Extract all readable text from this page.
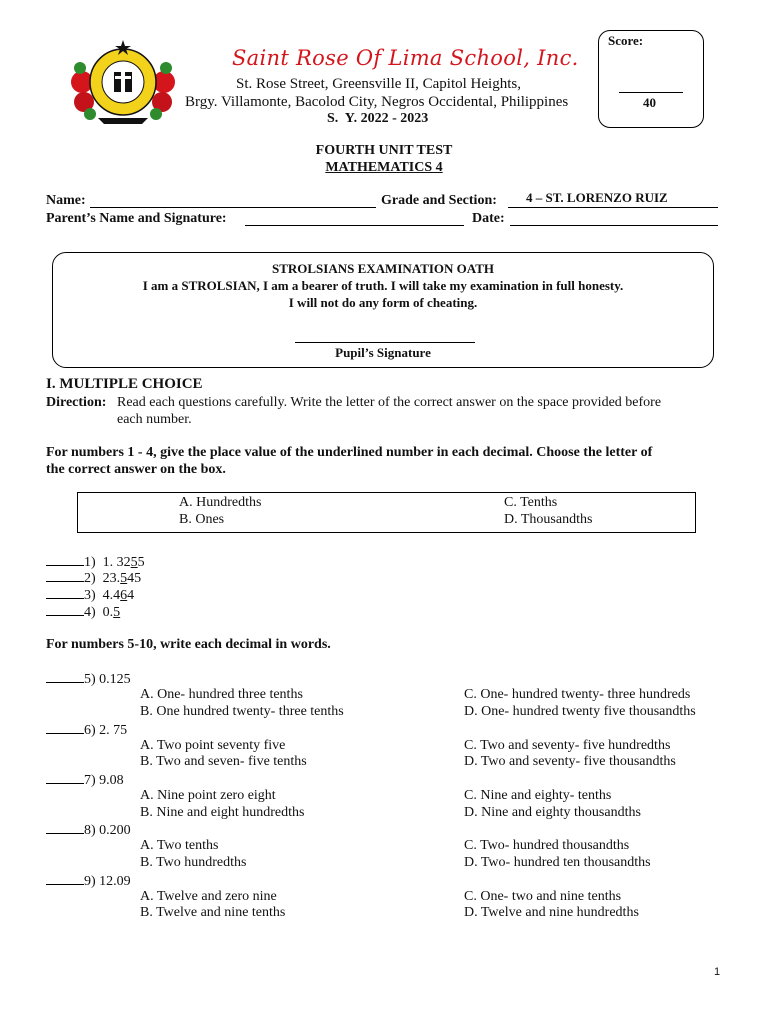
Saint Rose Of Lima School, Inc.
St. Rose Street, Greensville II, Capitol Heights,
Brgy. Villamonte, Bacolod City, Negros Occidental, Philippines
S.  Y. 2022 - 2023
Score:
40
FOURTH UNIT TEST
MATHEMATICS 4
Name:	Grade and Section: 4 – ST. LORENZO RUIZ
Parent’s Name and Signature:	Date:
STROLSIANS EXAMINATION OATH
I am a STROLSIAN, I am a bearer of truth. I will take my examination in full honesty.
I will not do any form of cheating.
Pupil’s Signature
I. MULTIPLE CHOICE
Direction: Read each questions carefully. Write the letter of the correct answer on the space provided before
each number.
For numbers 1 - 4, give the place value of the underlined number in each decimal. Choose the letter of
the correct answer on the box.
A. Hundredths
B. Ones
C. Tenths
D. Thousandths
1) 1. 3255
2) 23.545
3) 4.464
4) 0.5
For numbers 5-10, write each decimal in words.
5) 0.125
A. One- hundred three tenths
B. One hundred twenty- three tenths
C. One- hundred twenty- three hundreds
D. One- hundred twenty five thousandths
6) 2. 75
A. Two point seventy five
B. Two and seven- five tenths
C. Two and seventy- five hundredths
D. Two and seventy- five thousandths
7) 9.08
A. Nine point zero eight
B. Nine and eight hundredths
C. Nine and eighty- tenths
D. Nine and eighty thousandths
8) 0.200
A. Two tenths
B. Two hundredths
C. Two- hundred thousandths
D. Two- hundred ten thousandths
9) 12.09
A. Twelve and zero nine
B. Twelve and nine tenths
C. One- two and nine tenths
D. Twelve and nine hundredths
1
